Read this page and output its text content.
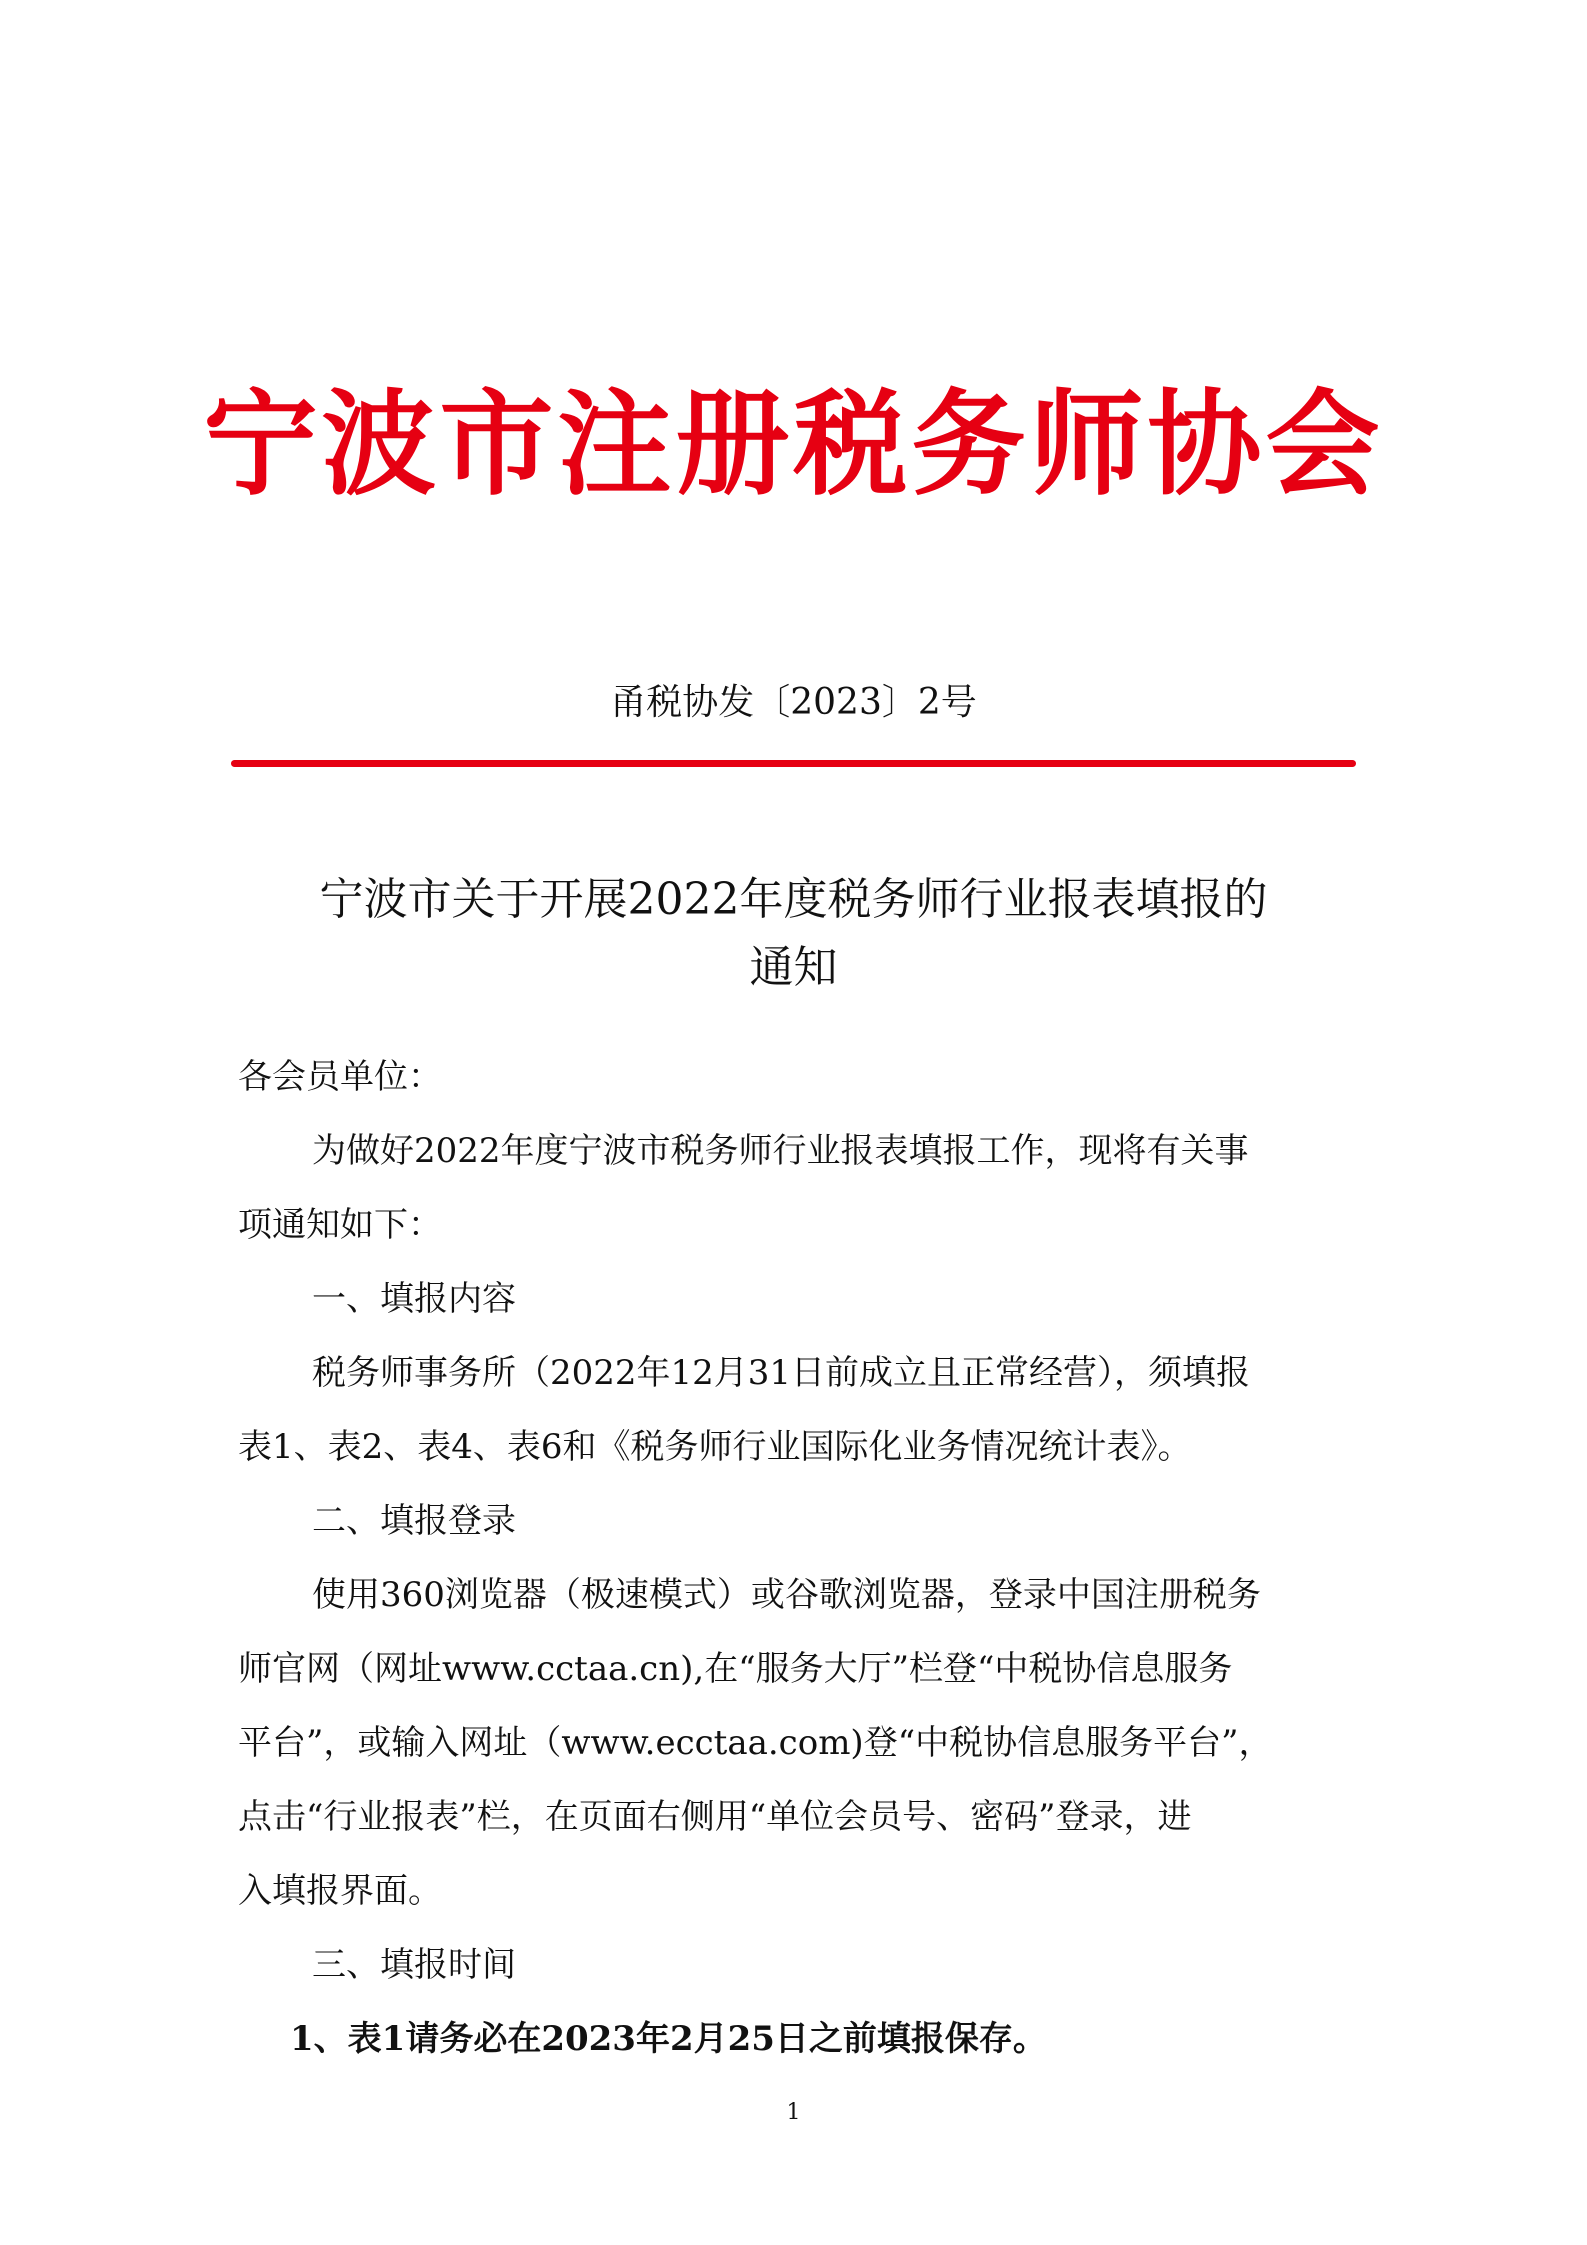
宁波市注册税务师协会
甬税协发〔2023〕2号
宁波市关于开展2022年度税务师行业报表填报的
通知
各会员单位：
为做好2022年度宁波市税务师行业报表填报工作，现将有关事
项通知如下：
一、填报内容
税务师事务所（2022年12月31日前成立且正常经营），须填报
表1、表2、表4、表6和《税务师行业国际化业务情况统计表》。
二、填报登录
使用360浏览器（极速模式）或谷歌浏览器，登录中国注册税务
师官网（网址www.cctaa.cn),在“服务大厅”栏登“中税协信息服务
平台”，或输入网址（www.ecctaa.com)登“中税协信息服务平台”，
点击“行业报表”栏，在页面右侧用“单位会员号、密码”登录，进
入填报界面。
三、填报时间
1、表1请务必在2023年2月25日之前填报保存。
1
